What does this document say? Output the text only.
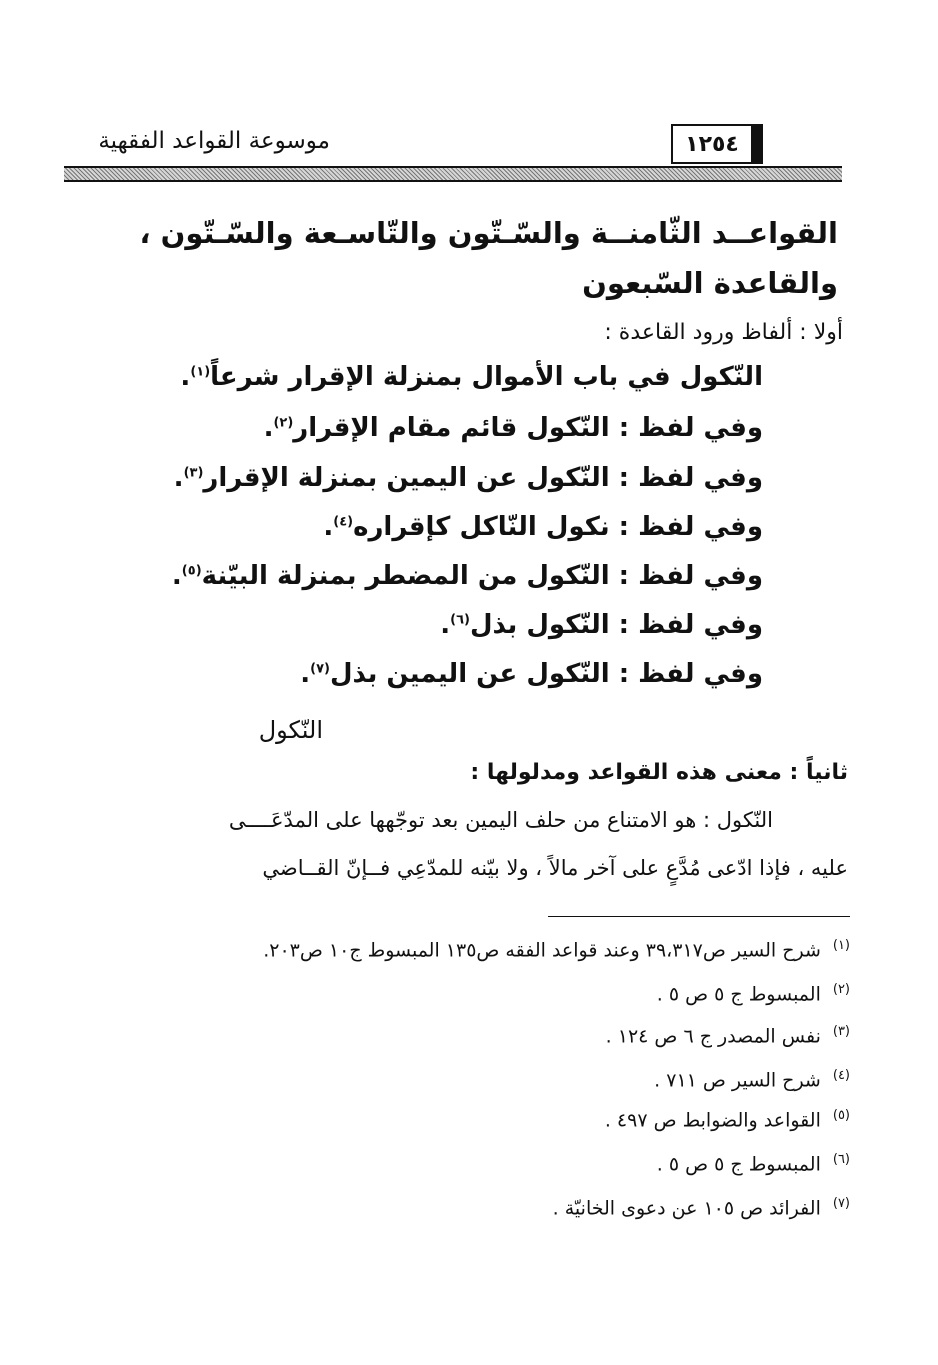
موسوعة القواعد الفقهية	١٢٥٤
القواعــد الثّامنــة والسّـتّون والتّاسـعة والسّـتّون ،
والقاعدة السّبعون
أولا : ألفاظ ورود القاعدة :
النّكول في باب الأموال بمنزلة الإقرار شرعاً$^{(١)}$.
وفي لفظ : النّكول قائم مقام الإقرار$^{(٢)}$.
وفي لفظ : النّكول عن اليمين بمنزلة الإقرار$^{(٣)}$.
وفي لفظ : نكول النّاكل كإقراره$^{(٤)}$.
وفي لفظ : النّكول من المضطر بمنزلة البيّنة$^{(٥)}$.
وفي لفظ : النّكول بذل$^{(٦)}$.
وفي لفظ : النّكول عن اليمين بذل$^{(٧)}$.
النّكول
ثانياً : معنى هذه القواعد ومدلولها :
النّكول : هو الامتناع من حلف اليمين بعد توجّهها على المدّعَــــى
عليه ، فإذا ادّعى مُدَّعٍ على آخر مالاً ، ولا بيّنه للمدّعِي فــإنّ القــاضي
$^{(١)}$شرح السير ص٣٩،٣١٧ وعند قواعد الفقه ص١٣٥ المبسوط ج١٠ ص٢٠٣.
$^{(٢)}$المبسوط ج ٥ ص ٥ .
$^{(٣)}$نفس المصدر ج ٦ ص ١٢٤ .
$^{(٤)}$شرح السير ص ٧١١ .
$^{(٥)}$القواعد والضوابط ص ٤٩٧ .
$^{(٦)}$المبسوط ج ٥ ص ٥ .
$^{(٧)}$الفرائد ص ١٠٥ عن دعوى الخانيّة .
